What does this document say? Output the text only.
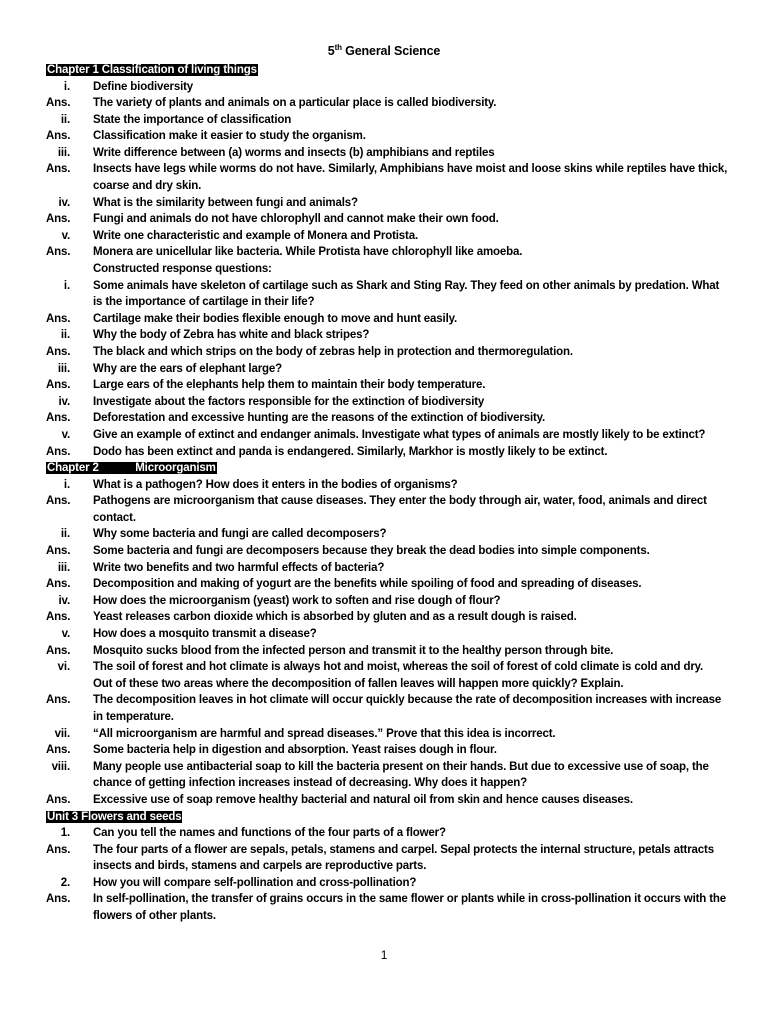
5th General Science
Chapter 1 Classification of living things
i.	Define biodiversity
Ans.	The variety of plants and animals on a particular place is called biodiversity.
ii.	State the importance of classification
Ans.	Classification make it easier to study the organism.
iii.	Write difference between (a) worms and insects (b) amphibians and reptiles
Ans.	Insects have legs while worms do not have. Similarly, Amphibians have moist and loose skins while reptiles have thick, coarse and dry skin.
iv.	What is the similarity between fungi and animals?
Ans.	Fungi and animals do not have chlorophyll and cannot make their own food.
v.	Write one characteristic and example of Monera and Protista.
Ans.	Monera are unicellular like bacteria. While Protista have chlorophyll like amoeba.
Constructed response questions:
i.	Some animals have skeleton of cartilage such as Shark and Sting Ray. They feed on other animals by predation. What is the importance of cartilage in their life?
Ans.	Cartilage make their bodies flexible enough to move and hunt easily.
ii.	Why the body of Zebra has white and black stripes?
Ans.	The black and which strips on the body of zebras help in protection and thermoregulation.
iii.	Why are the ears of elephant large?
Ans.	Large ears of the elephants help them to maintain their body temperature.
iv.	Investigate about the factors responsible for the extinction of biodiversity
Ans.	Deforestation and excessive hunting are the reasons of the extinction of biodiversity.
v.	Give an example of extinct and endanger animals. Investigate what types of animals are mostly likely to be extinct?
Ans.	Dodo has been extinct and panda is endangered. Similarly, Markhor is mostly likely to be extinct.
Chapter 2            Microorganism
i.	What is a pathogen? How does it enters in the bodies of organisms?
Ans.	Pathogens are microorganism that cause diseases. They enter the body through air, water, food, animals and direct contact.
ii.	Why some bacteria and fungi are called decomposers?
Ans.	Some bacteria and fungi are decomposers because they break the dead bodies into simple components.
iii.	Write two benefits and two harmful effects of bacteria?
Ans.	Decomposition and making of yogurt are the benefits while spoiling of food and spreading of diseases.
iv.	How does the microorganism (yeast) work to soften and rise dough of flour?
Ans.	Yeast releases carbon dioxide which is absorbed by gluten and as a result dough is raised.
v.	How does a mosquito transmit a disease?
Ans.	Mosquito sucks blood from the infected person and transmit it to the healthy person through bite.
vi.	The soil of forest and hot climate is always hot and moist, whereas the soil of forest of cold climate is cold and dry. Out of these two areas where the decomposition of fallen leaves will happen more quickly? Explain.
Ans.	The decomposition leaves in hot climate will occur quickly because the rate of decomposition increases with increase in temperature.
vii.	“All microorganism are harmful and spread diseases.” Prove that this idea is incorrect.
Ans.	Some bacteria help in digestion and absorption. Yeast raises dough in flour.
viii.	Many people use antibacterial soap to kill the bacteria present on their hands. But due to excessive use of soap, the chance of getting infection increases instead of decreasing. Why does it happen?
Ans.	Excessive use of soap remove healthy bacterial and natural oil from skin and hence causes diseases.
Unit 3 Flowers and seeds
1.	Can you tell the names and functions of the four parts of a flower?
Ans.	The four parts of a flower are sepals, petals, stamens and carpel. Sepal protects the internal structure, petals attracts insects and birds, stamens and carpels are reproductive parts.
2.	How you will compare self-pollination and cross-pollination?
Ans.	In self-pollination, the transfer of grains occurs in the same flower or plants while in cross-pollination it occurs with the flowers of other plants.
1
